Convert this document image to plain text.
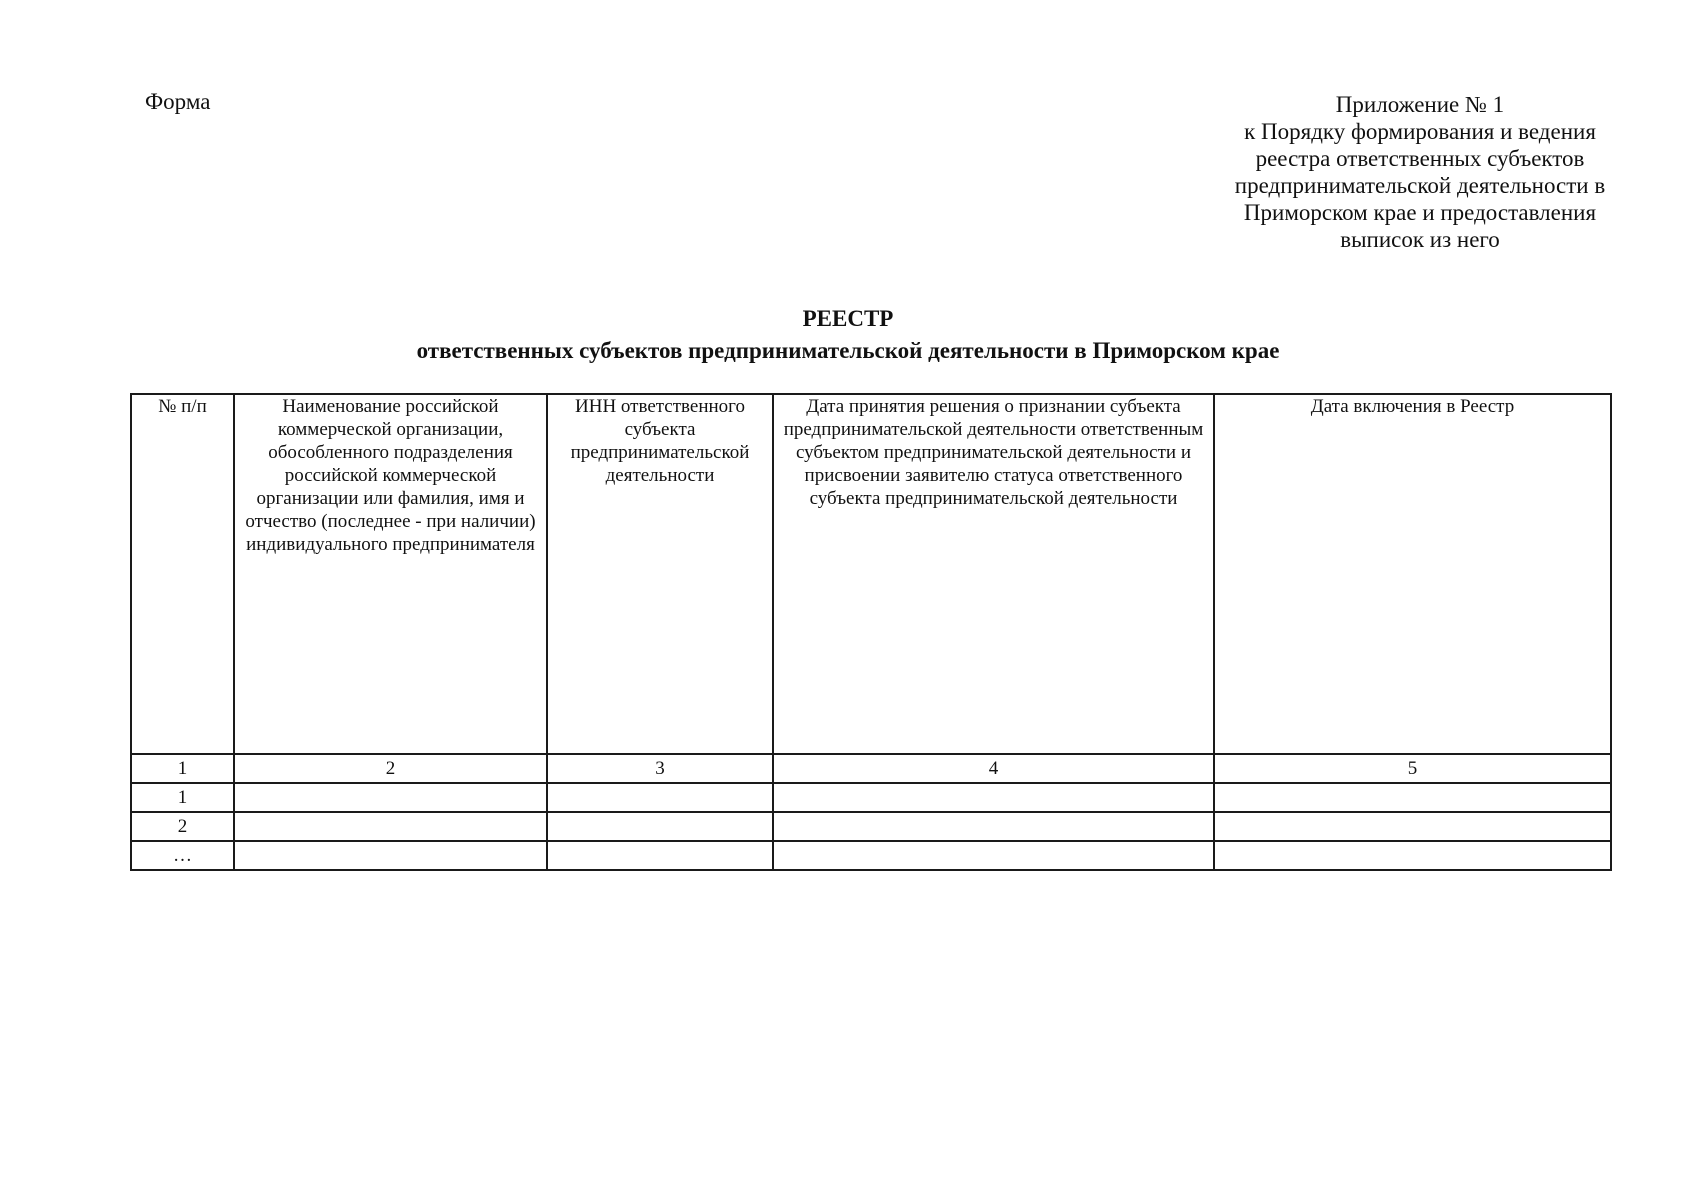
Форма	Приложение № 1
к Порядку формирования и ведения
реестра ответственных субъектов
предпринимательской деятельности в
Приморском крае и предоставления
выписок из него
РЕЕСТР
ответственных субъектов предпринимательской деятельности в Приморском крае
№ п/п	Наименование российской коммерческой организации, обособленного подразделения российской коммерческой организации или фамилия, имя и отчество (последнее - при наличии) индивидуального предпринимателя	ИНН ответственного субъекта предпринимательской деятельности	Дата принятия решения о признании субъекта предпринимательской деятельности ответственным субъектом предпринимательской деятельности и присвоении заявителю статуса ответственного субъекта предпринимательской деятельности	Дата включения в Реестр
1	2	3	4	5
1				
2				
…				
